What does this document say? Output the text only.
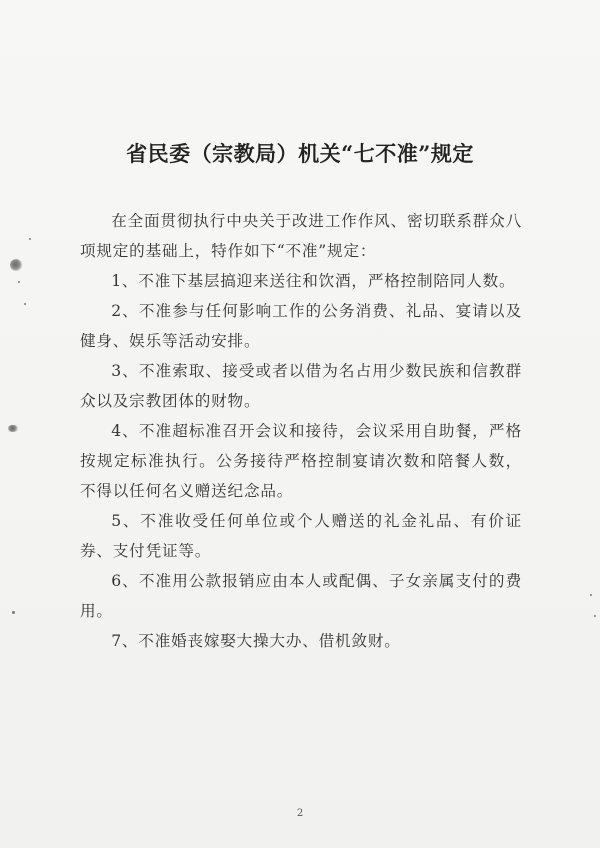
省民委（宗教局）机关“七不准”规定

在全面贯彻执行中央关于改进工作作风、密切联系群众八项规定的基础上，特作如下“不准”规定：

1、不准下基层搞迎来送往和饮酒，严格控制陪同人数。

2、不准参与任何影响工作的公务消费、礼品、宴请以及健身、娱乐等活动安排。

3、不准索取、接受或者以借为名占用少数民族和信教群众以及宗教团体的财物。

4、不准超标准召开会议和接待，会议采用自助餐，严格按规定标准执行。公务接待严格控制宴请次数和陪餐人数，不得以任何名义赠送纪念品。

5、不准收受任何单位或个人赠送的礼金礼品、有价证券、支付凭证等。

6、不准用公款报销应由本人或配偶、子女亲属支付的费用。

7、不准婚丧嫁娶大操大办、借机敛财。

2
